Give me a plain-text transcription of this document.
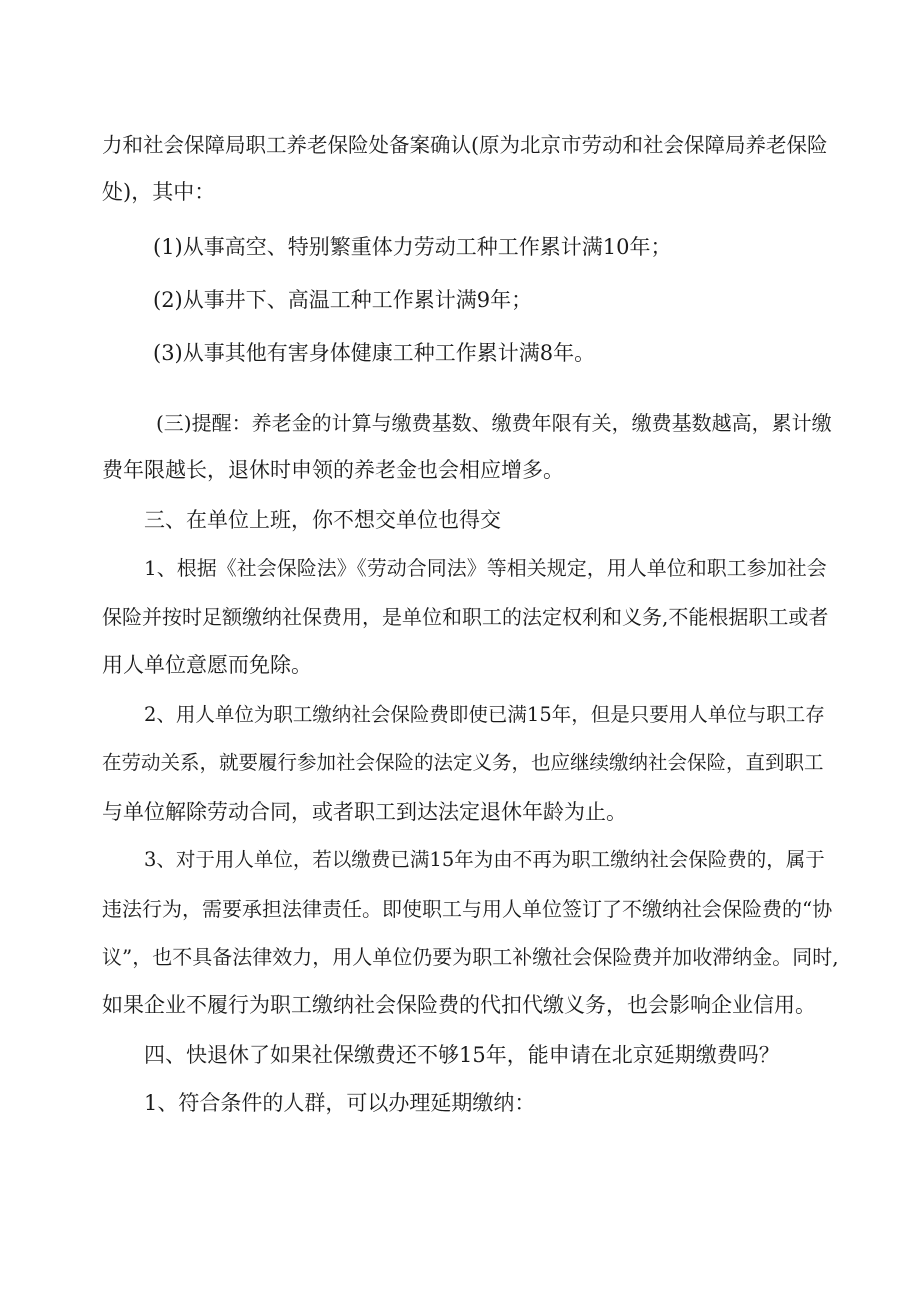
力和社会保障局职工养老保险处备案确认(原为北京市劳动和社会保障局养老保险

处)，其中：

(1)从事高空、特别繁重体力劳动工种工作累计满10年；

(2)从事井下、高温工种工作累计满9年；

(3)从事其他有害身体健康工种工作累计满8年。

(三)提醒：养老金的计算与缴费基数、缴费年限有关，缴费基数越高，累计缴

费年限越长，退休时申领的养老金也会相应增多。

三、在单位上班，你不想交单位也得交

1、根据《社会保险法》《劳动合同法》等相关规定，用人单位和职工参加社会

保险并按时足额缴纳社保费用，是单位和职工的法定权利和义务,不能根据职工或者

用人单位意愿而免除。

2、用人单位为职工缴纳社会保险费即使已满15年，但是只要用人单位与职工存

在劳动关系，就要履行参加社会保险的法定义务，也应继续缴纳社会保险，直到职工

与单位解除劳动合同，或者职工到达法定退休年龄为止。

3、对于用人单位，若以缴费已满15年为由不再为职工缴纳社会保险费的，属于

违法行为，需要承担法律责任。即使职工与用人单位签订了不缴纳社会保险费的“协

议”，也不具备法律效力，用人单位仍要为职工补缴社会保险费并加收滞纳金。同时,

如果企业不履行为职工缴纳社会保险费的代扣代缴义务，也会影响企业信用。

四、快退休了如果社保缴费还不够15年，能申请在北京延期缴费吗？

1、符合条件的人群，可以办理延期缴纳：
